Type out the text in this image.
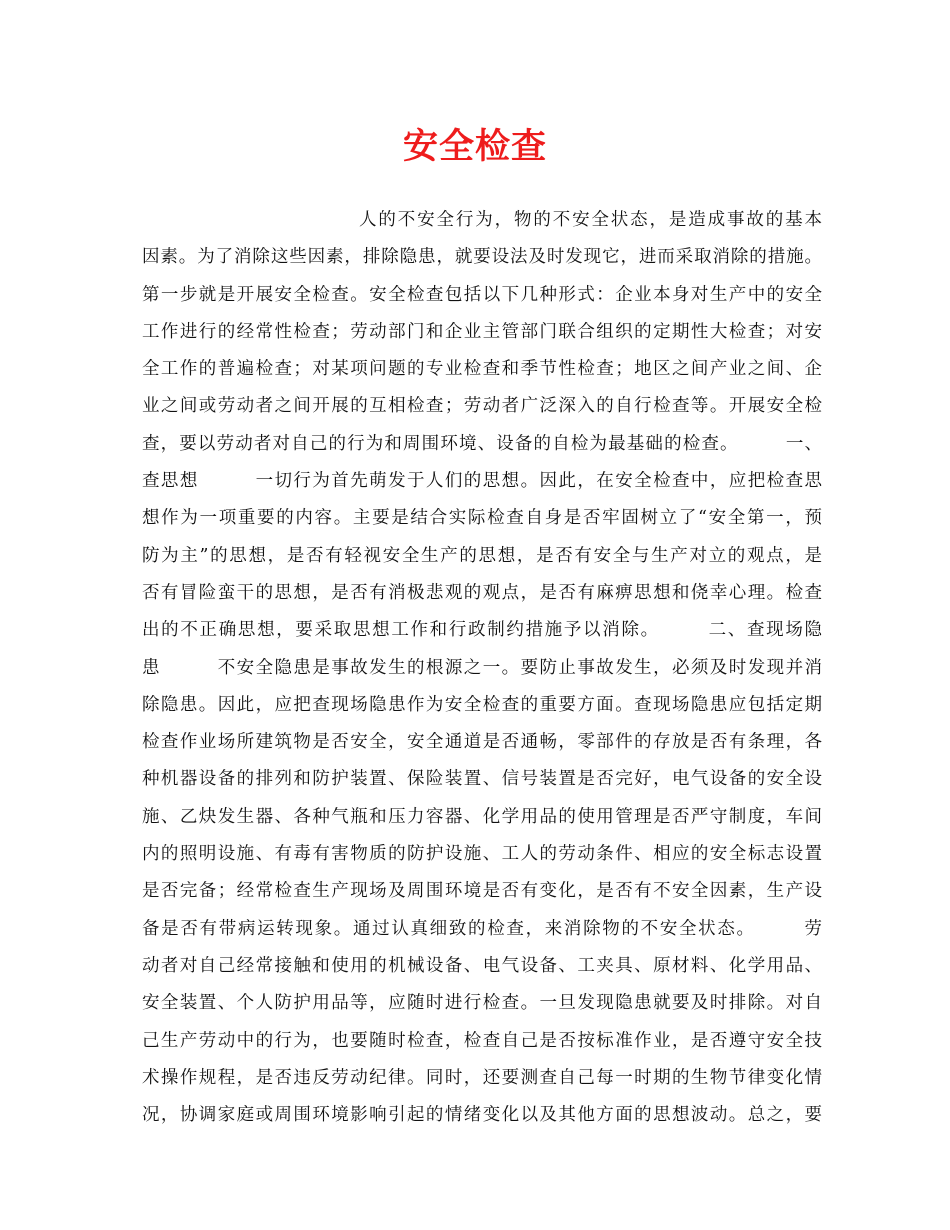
安全检查
人的不安全行为，物的不安全状态，是造成事故的基本
因素。为了消除这些因素，排除隐患，就要设法及时发现它，进而采取消除的措施。
第一步就是开展安全检查。安全检查包括以下几种形式：企业本身对生产中的安全
工作进行的经常性检查；劳动部门和企业主管部门联合组织的定期性大检查；对安
全工作的普遍检查；对某项问题的专业检查和季节性检查；地区之间产业之间、企
业之间或劳动者之间开展的互相检查；劳动者广泛深入的自行检查等。开展安全检
查，要以劳动者对自己的行为和周围环境、设备的自检为最基础的检查。　　　一、
查思想　　　一切行为首先萌发于人们的思想。因此，在安全检查中，应把检查思
想作为一项重要的内容。主要是结合实际检查自身是否牢固树立了“安全第一，预
防为主”的思想，是否有轻视安全生产的思想，是否有安全与生产对立的观点，是
否有冒险蛮干的思想，是否有消极悲观的观点，是否有麻痹思想和侥幸心理。检查
出的不正确思想，要采取思想工作和行政制约措施予以消除。　　　二、查现场隐
患　　　不安全隐患是事故发生的根源之一。要防止事故发生，必须及时发现并消
除隐患。因此，应把查现场隐患作为安全检查的重要方面。查现场隐患应包括定期
检查作业场所建筑物是否安全，安全通道是否通畅，零部件的存放是否有条理，各
种机器设备的排列和防护装置、保险装置、信号装置是否完好，电气设备的安全设
施、乙炔发生器、各种气瓶和压力容器、化学用品的使用管理是否严守制度，车间
内的照明设施、有毒有害物质的防护设施、工人的劳动条件、相应的安全标志设置
是否完备；经常检查生产现场及周围环境是否有变化，是否有不安全因素，生产设
备是否有带病运转现象。通过认真细致的检查，来消除物的不安全状态。　　　劳
动者对自己经常接触和使用的机械设备、电气设备、工夹具、原材料、化学用品、
安全装置、个人防护用品等，应随时进行检查。一旦发现隐患就要及时排除。对自
己生产劳动中的行为，也要随时检查，检查自己是否按标准作业，是否遵守安全技
术操作规程，是否违反劳动纪律。同时，还要测查自己每一时期的生物节律变化情
况，协调家庭或周围环境影响引起的情绪变化以及其他方面的思想波动。总之，要
